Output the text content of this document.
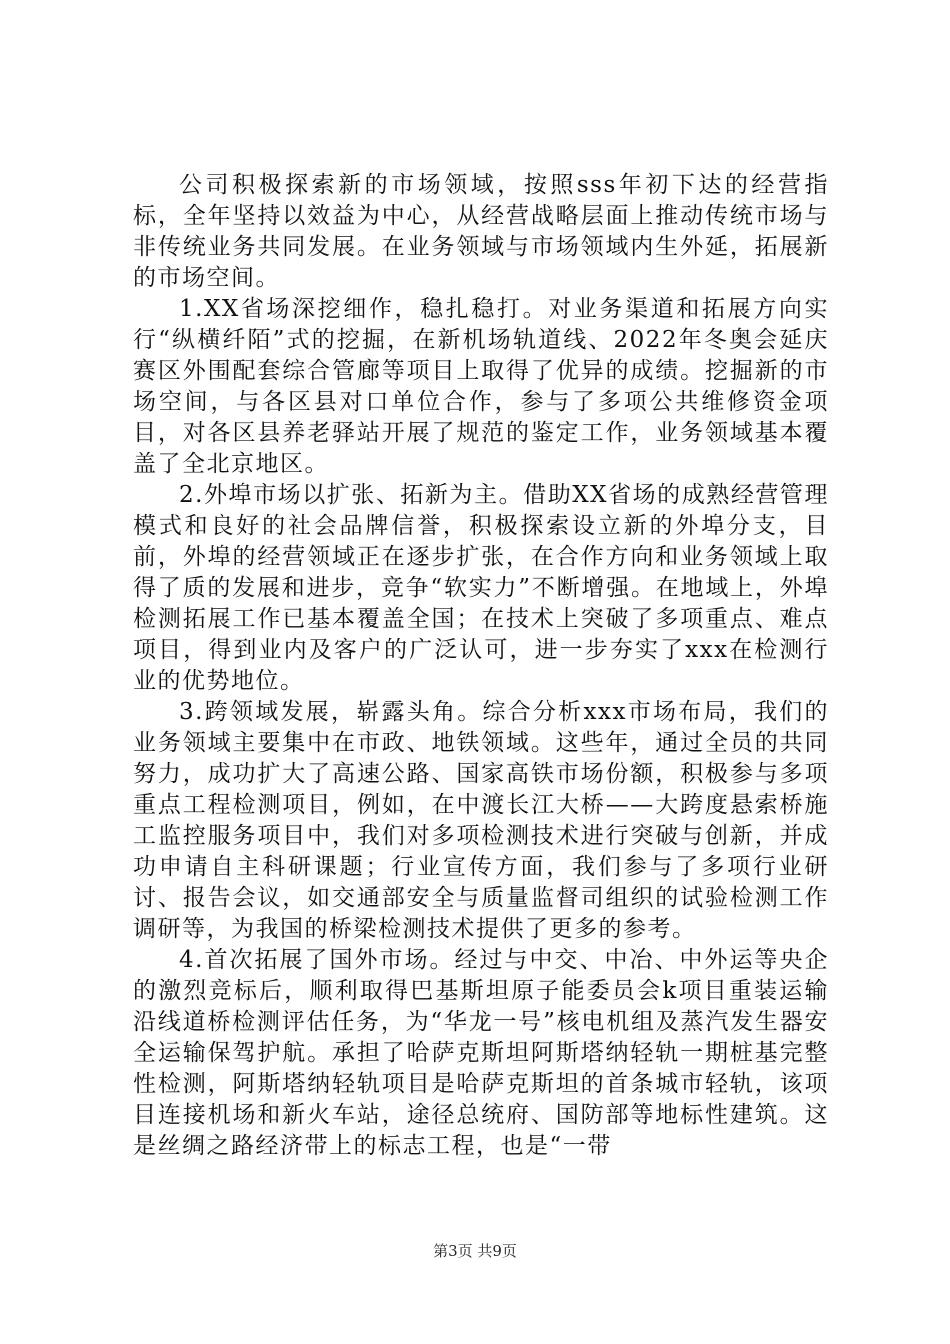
公司积极探索新的市场领域，按照sss年初下达的经营指标，全年坚持以效益为中心，从经营战略层面上推动传统市场与非传统业务共同发展。在业务领域与市场领域内生外延，拓展新的市场空间。

1.XX省场深挖细作，稳扎稳打。对业务渠道和拓展方向实行“纵横纤陌”式的挖掘，在新机场轨道线、2022年冬奥会延庆赛区外围配套综合管廊等项目上取得了优异的成绩。挖掘新的市场空间，与各区县对口单位合作，参与了多项公共维修资金项目，对各区县养老驿站开展了规范的鉴定工作，业务领域基本覆盖了全北京地区。

2.外埠市场以扩张、拓新为主。借助XX省场的成熟经营管理模式和良好的社会品牌信誉，积极探索设立新的外埠分支，目前，外埠的经营领域正在逐步扩张，在合作方向和业务领域上取得了质的发展和进步，竞争“软实力”不断增强。在地域上，外埠检测拓展工作已基本覆盖全国；在技术上突破了多项重点、难点项目，得到业内及客户的广泛认可，进一步夯实了xxx在检测行业的优势地位。

3.跨领域发展，崭露头角。综合分析xxx市场布局，我们的业务领域主要集中在市政、地铁领域。这些年，通过全员的共同努力，成功扩大了高速公路、国家高铁市场份额，积极参与多项重点工程检测项目，例如，在中渡长江大桥——大跨度悬索桥施工监控服务项目中，我们对多项检测技术进行突破与创新，并成功申请自主科研课题；行业宣传方面，我们参与了多项行业研讨、报告会议，如交通部安全与质量监督司组织的试验检测工作调研等，为我国的桥梁检测技术提供了更多的参考。

4.首次拓展了国外市场。经过与中交、中冶、中外运等央企的激烈竞标后，顺利取得巴基斯坦原子能委员会k项目重装运输沿线道桥检测评估任务，为“华龙一号”核电机组及蒸汽发生器安全运输保驾护航。承担了哈萨克斯坦阿斯塔纳轻轨一期桩基完整性检测，阿斯塔纳轻轨项目是哈萨克斯坦的首条城市轻轨，该项目连接机场和新火车站，途径总统府、国防部等地标性建筑。这是丝绸之路经济带上的标志工程，也是“一带

第3页 共9页
